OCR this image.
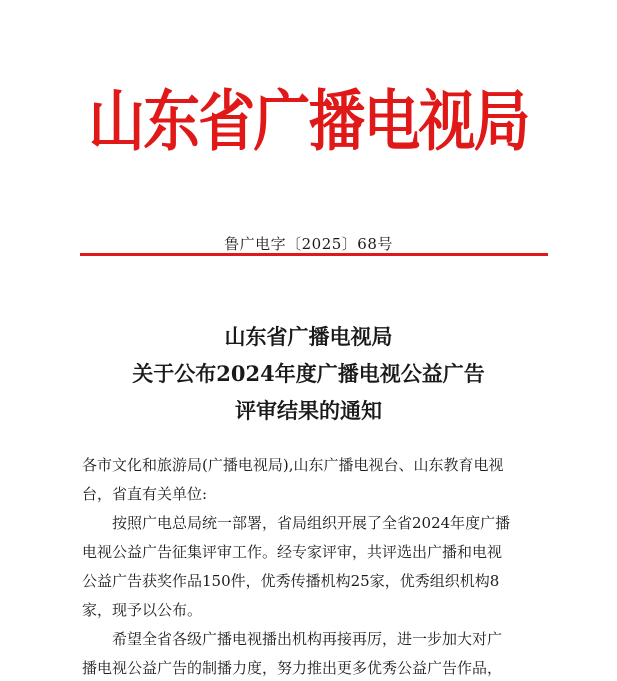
山东省广播电视局
鲁广电字〔2025〕68号
山东省广播电视局
关于公布2024年度广播电视公益广告
评审结果的通知
各市文化和旅游局(广播电视局),山东广播电视台、山东教育电视
台，省直有关单位:
　　按照广电总局统一部署，省局组织开展了全省2024年度广播
电视公益广告征集评审工作。经专家评审，共评选出广播和电视
公益广告获奖作品150件，优秀传播机构25家，优秀组织机构8
家，现予以公布。
　　希望全省各级广播电视播出机构再接再厉，进一步加大对广
播电视公益广告的制播力度，努力推出更多优秀公益广告作品，
